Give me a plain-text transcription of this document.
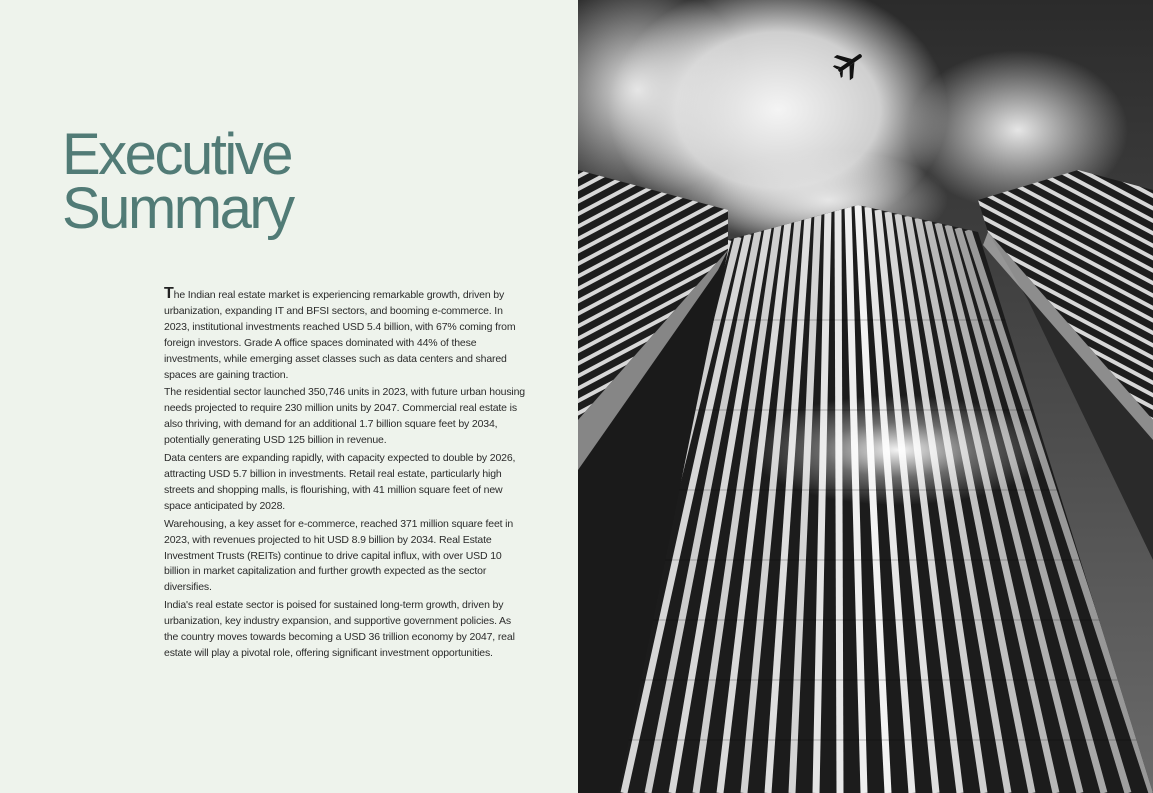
Executive
Summary

The Indian real estate market is experiencing remarkable growth, driven by urbanization, expanding IT and BFSI sectors, and booming e-commerce. In 2023, institutional investments reached USD 5.4 billion, with 67% coming from foreign investors. Grade A office spaces dominated with 44% of these investments, while emerging asset classes such as data centers and shared spaces are gaining traction.

The residential sector launched 350,746 units in 2023, with future urban housing needs projected to require 230 million units by 2047. Commercial real estate is also thriving, with demand for an additional 1.7 billion square feet by 2034, potentially generating USD 125 billion in revenue.

Data centers are expanding rapidly, with capacity expected to double by 2026, attracting USD 5.7 billion in investments. Retail real estate, particularly high streets and shopping malls, is flourishing, with 41 million square feet of new space anticipated by 2028.

Warehousing, a key asset for e-commerce, reached 371 million square feet in 2023, with revenues projected to hit USD 8.9 billion by 2034. Real Estate Investment Trusts (REITs) continue to drive capital influx, with over USD 10 billion in market capitalization and further growth expected as the sector diversifies.

India's real estate sector is poised for sustained long-term growth, driven by urbanization, key industry expansion, and supportive government policies. As the country moves towards becoming a USD 36 trillion economy by 2047, real estate will play a pivotal role, offering significant investment opportunities.
